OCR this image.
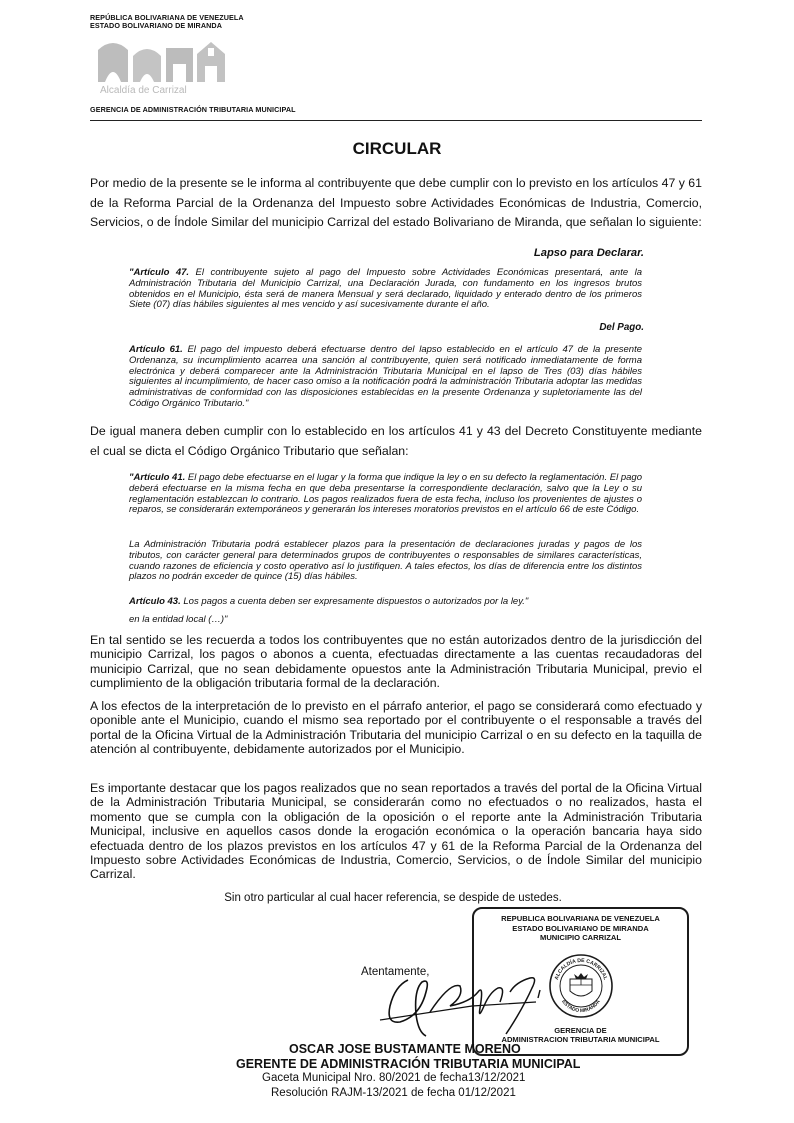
REPÚBLICA BOLIVARIANA DE VENEZUELA
ESTADO BOLIVARIANO DE MIRANDA
Alcaldía de Carrizal
GERENCIA DE ADMINISTRACIÓN TRIBUTARIA MUNICIPAL
CIRCULAR
Por medio de la presente se le informa al contribuyente que debe cumplir con lo previsto en los artículos 47 y 61 de la Reforma Parcial de la Ordenanza del Impuesto sobre Actividades Económicas de Industria, Comercio, Servicios, o de Índole Similar del municipio Carrizal del estado Bolivariano de Miranda, que señalan lo siguiente:
Lapso para Declarar.
"Artículo 47. El contribuyente sujeto al pago del Impuesto sobre Actividades Económicas presentará, ante la Administración Tributaria del Municipio Carrizal, una Declaración Jurada, con fundamento en los ingresos brutos obtenidos en el Municipio, ésta será de manera Mensual y será declarado, liquidado y enterado dentro de los primeros Siete (07) días hábiles siguientes al mes vencido y así sucesivamente durante el año.
Del Pago.
Artículo 61. El pago del impuesto deberá efectuarse dentro del lapso establecido en el artículo 47 de la presente Ordenanza, su incumplimiento acarrea una sanción al contribuyente, quien será notificado inmediatamente de forma electrónica y deberá comparecer ante la Administración Tributaria Municipal en el lapso de Tres (03) días hábiles siguientes al incumplimiento, de hacer caso omiso a la notificación podrá la administración Tributaria adoptar las medidas administrativas de conformidad con las disposiciones establecidas en la presente Ordenanza y supletoriamente las del Código Orgánico Tributario."
De igual manera deben cumplir con lo establecido en los artículos 41 y 43 del Decreto Constituyente mediante el cual se dicta el Código Orgánico Tributario que señalan:
"Artículo 41. El pago debe efectuarse en el lugar y la forma que indique la ley o en su defecto la reglamentación. El pago deberá efectuarse en la misma fecha en que deba presentarse la correspondiente declaración, salvo que la Ley o su reglamentación establezcan lo contrario. Los pagos realizados fuera de esta fecha, incluso los provenientes de ajustes o reparos, se considerarán extemporáneos y generarán los intereses moratorios previstos en el artículo 66 de este Código.
La Administración Tributaria podrá establecer plazos para la presentación de declaraciones juradas y pagos de los tributos, con carácter general para determinados grupos de contribuyentes o responsables de similares características, cuando razones de eficiencia y costo operativo así lo justifiquen. A tales efectos, los días de diferencia entre los distintos plazos no podrán exceder de quince (15) días hábiles.
Artículo 43. Los pagos a cuenta deben ser expresamente dispuestos o autorizados por la ley."
en la entidad local (…)"
En tal sentido se les recuerda a todos los contribuyentes que no están autorizados dentro de la jurisdicción del municipio Carrizal, los pagos o abonos a cuenta, efectuadas directamente a las cuentas recaudadoras del municipio Carrizal, que no sean debidamente opuestos ante la Administración Tributaria Municipal, previo el cumplimiento de la obligación tributaria formal de la declaración.
A los efectos de la interpretación de lo previsto en el párrafo anterior, el pago se considerará como efectuado y oponible ante el Municipio, cuando el mismo sea reportado por el contribuyente o el responsable a través del portal de la Oficina Virtual de la Administración Tributaria del municipio Carrizal o en su defecto en la taquilla de atención al contribuyente, debidamente autorizados por el Municipio.
Es importante destacar que los pagos realizados que no sean reportados a través del portal de la Oficina Virtual de la Administración Tributaria Municipal, se considerarán como no efectuados o no realizados, hasta el momento que se cumpla con la obligación de la oposición o el reporte ante la Administración Tributaria Municipal, inclusive en aquellos casos donde la erogación económica o la operación bancaria haya sido efectuada dentro de los plazos previstos en los artículos 47 y 61 de la Reforma Parcial de la Ordenanza del Impuesto sobre Actividades Económicas de Industria, Comercio, Servicios, o de Índole Similar del municipio Carrizal.
Sin otro particular al cual hacer referencia, se despide de ustedes.
REPUBLICA BOLIVARIANA DE VENEZUELA
ESTADO BOLIVARIANO DE MIRANDA
MUNICIPIO CARRIZAL
ALCALDÍA DE CARRIZAL
ESTADO MIRANDA
GERENCIA DE
ADMINISTRACION TRIBUTARIA MUNICIPAL
Atentamente,
OSCAR JOSE BUSTAMANTE MORENO
GERENTE DE ADMINISTRACIÓN TRIBUTARIA MUNICIPAL
Gaceta Municipal Nro. 80/2021 de fecha13/12/2021
Resolución RAJM-13/2021 de fecha 01/12/2021
